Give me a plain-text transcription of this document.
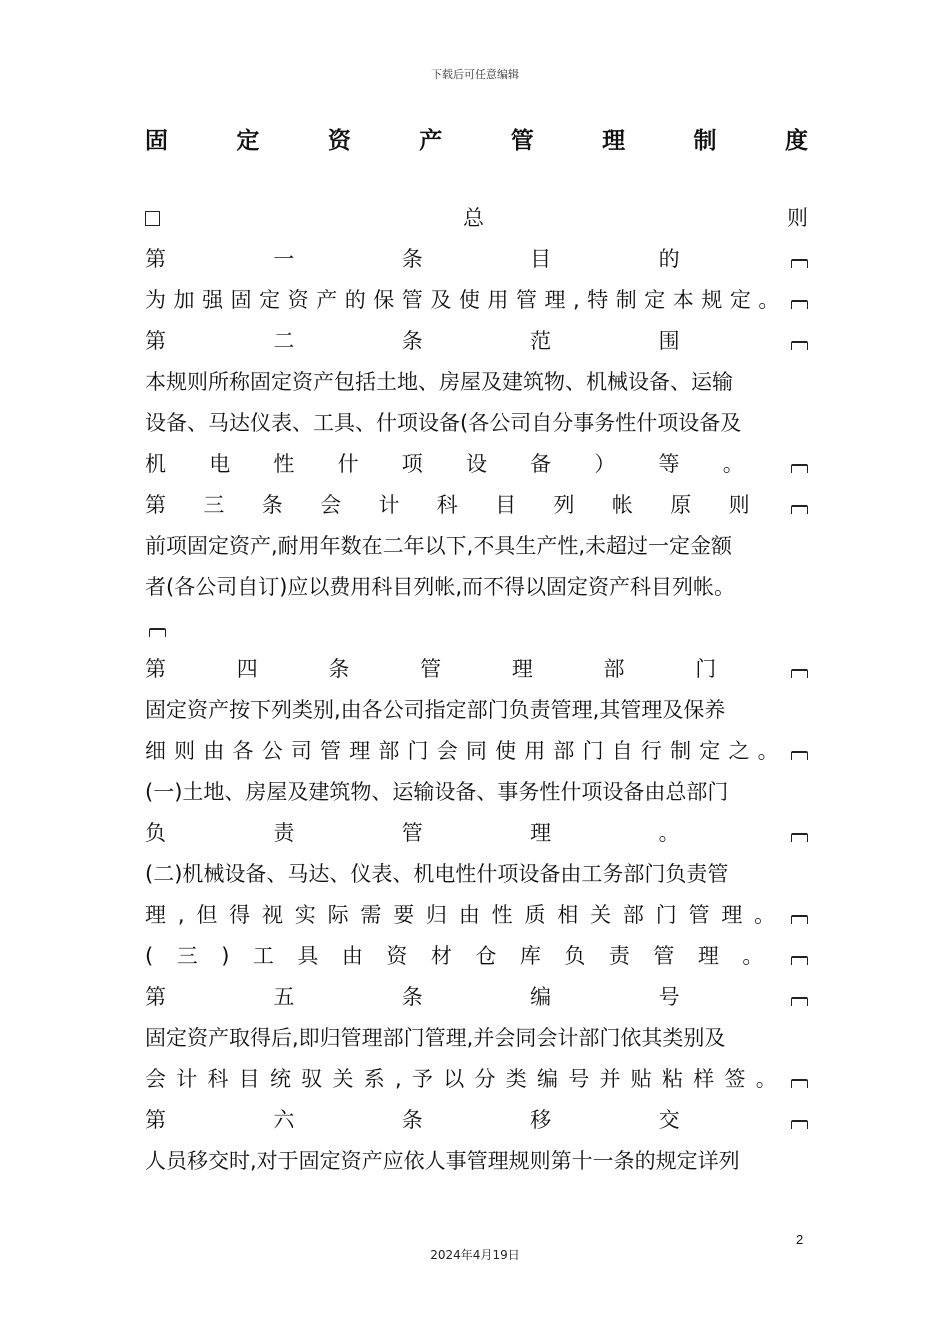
下载后可任意编辑
固	定	资	产	管	理	制	度
总	则
第	一	条	目	的
为 加 强 固 定 资 产 的 保 管 及 使 用 管 理 , 特 制 定 本 规 定 。
第	二	条	范	围
本规则所称固定资产包括土地、房屋及建筑物、机械设备、运输
设备、马达仪表、工具、什项设备(各公司自分事务性什项设备及
机 电 性 什 项 设 备 ） 等 。
第 三 条 会 计 科 目 列 帐 原 则
前项固定资产,耐用年数在二年以下,不具生产性,未超过一定金额
者(各公司自订)应以费用科目列帐,而不得以固定资产科目列帐。
第	四	条	管	理	部	门
固定资产按下列类别,由各公司指定部门负责管理,其管理及保养
细 则 由 各 公 司 管 理 部 门 会 同 使 用 部 门 自 行 制 定 之 。
(一)土地、房屋及建筑物、运输设备、事务性什项设备由总部门
负	责	管	理	。
(二)机械设备、马达、仪表、机电性什项设备由工务部门负责管
理 , 但 得 视 实 际 需 要 归 由 性 质 相 关 部 门 管 理 。
( 三 ) 工 具 由 资 材 仓 库 负 责 管 理 。
第	五	条	编	号
固定资产取得后,即归管理部门管理,并会同会计部门依其类别及
会 计 科 目 统 驭 关 系 , 予 以 分 类 编 号 并 贴 粘 样 签 。
第	六	条	移	交
人员移交时,对于固定资产应依人事管理规则第十一条的规定详列
2
2024年4月19日
